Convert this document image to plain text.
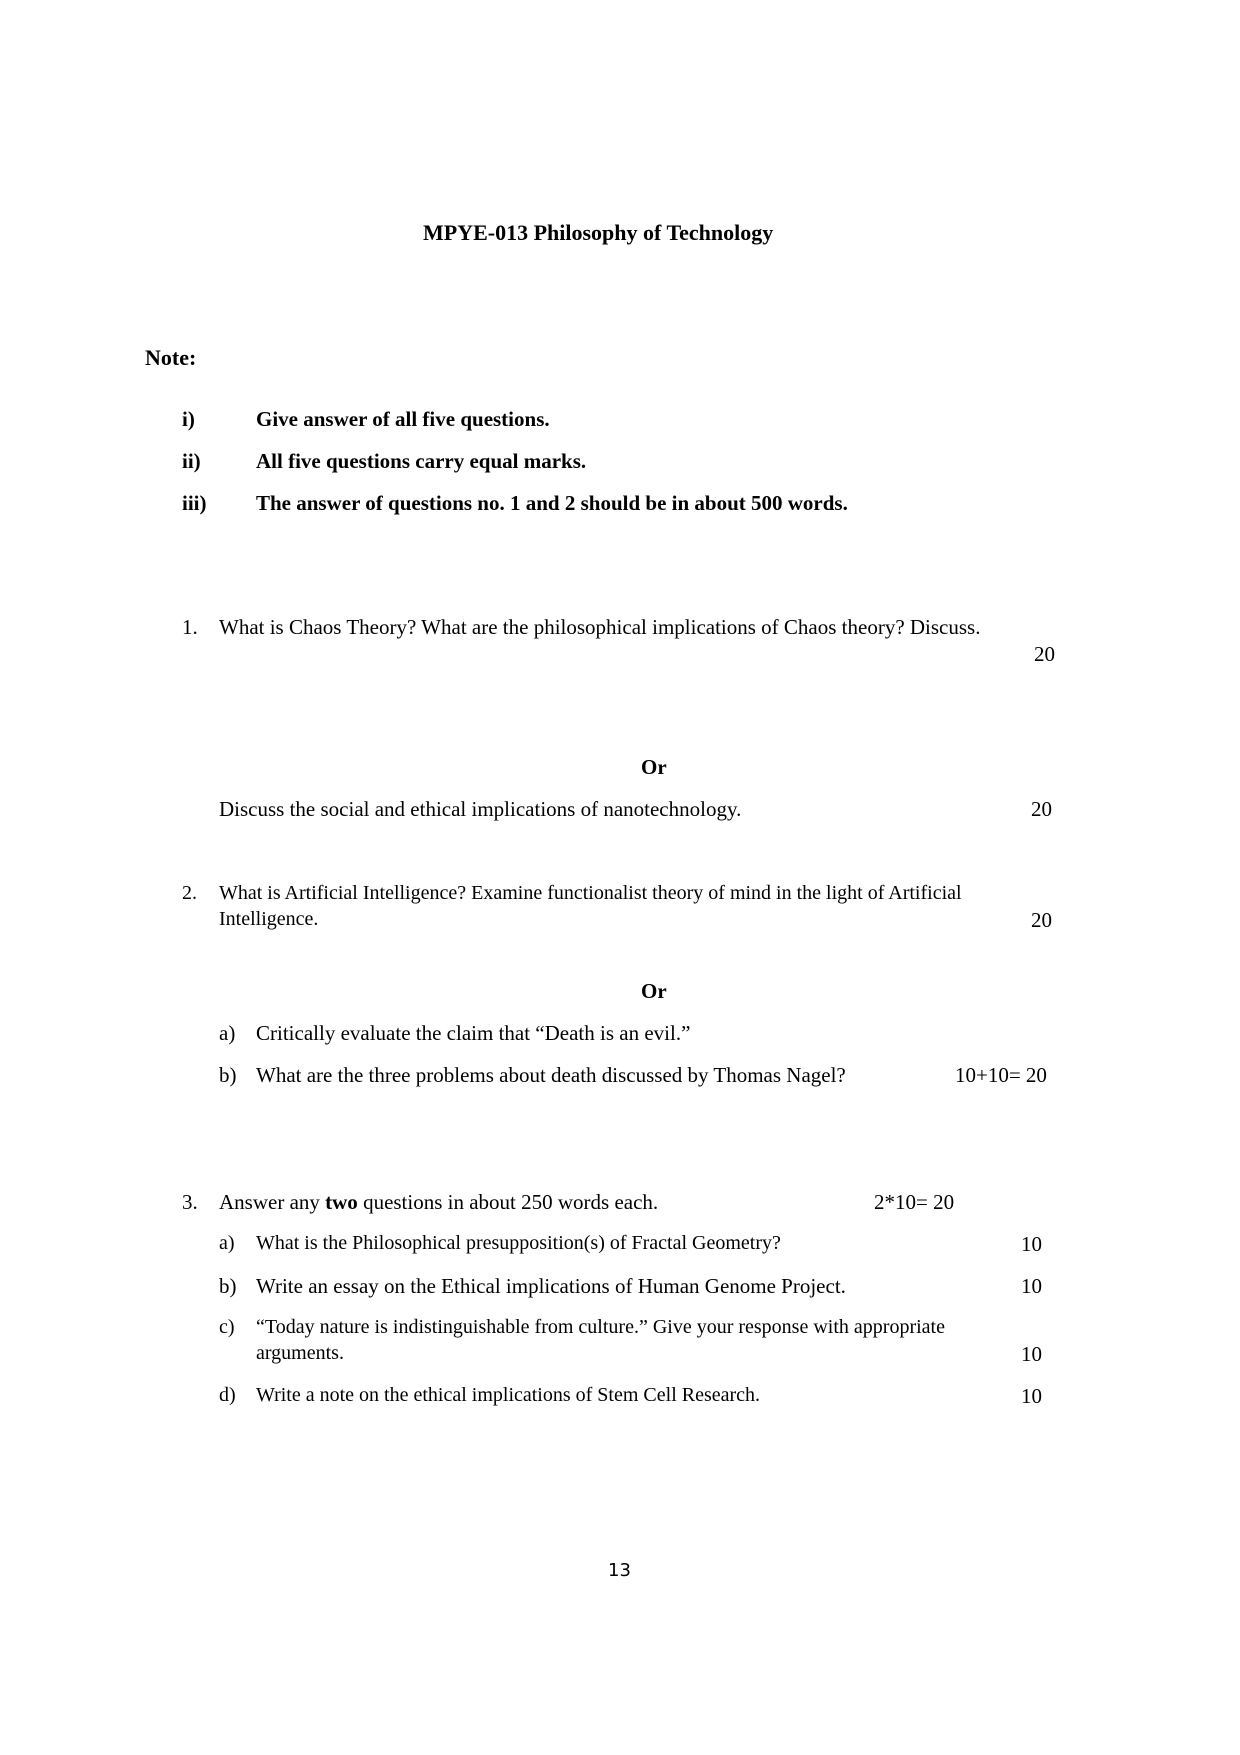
MPYE-013 Philosophy of Technology
Note:
i)	Give answer of all five questions.
ii)	All five questions carry equal marks.
iii) The answer of questions no. 1 and 2 should be in about 500 words.
1. What is Chaos Theory? What are the philosophical implications of Chaos theory? Discuss.
20
Or
Discuss the social and ethical implications of nanotechnology.	20
2. What is Artificial Intelligence? Examine functionalist theory of mind in the light of Artificial
Intelligence.	20
Or
a) Critically evaluate the claim that “Death is an evil.”
b) What are the three problems about death discussed by Thomas Nagel?	10+10= 20
3. Answer any two questions in about 250 words each.	2*10= 20
a) What is the Philosophical presupposition(s) of Fractal Geometry?	10
b) Write an essay on the Ethical implications of Human Genome Project.	10
c) “Today nature is indistinguishable from culture.” Give your response with appropriate
arguments.	10
d) Write a note on the ethical implications of Stem Cell Research.	10
13
